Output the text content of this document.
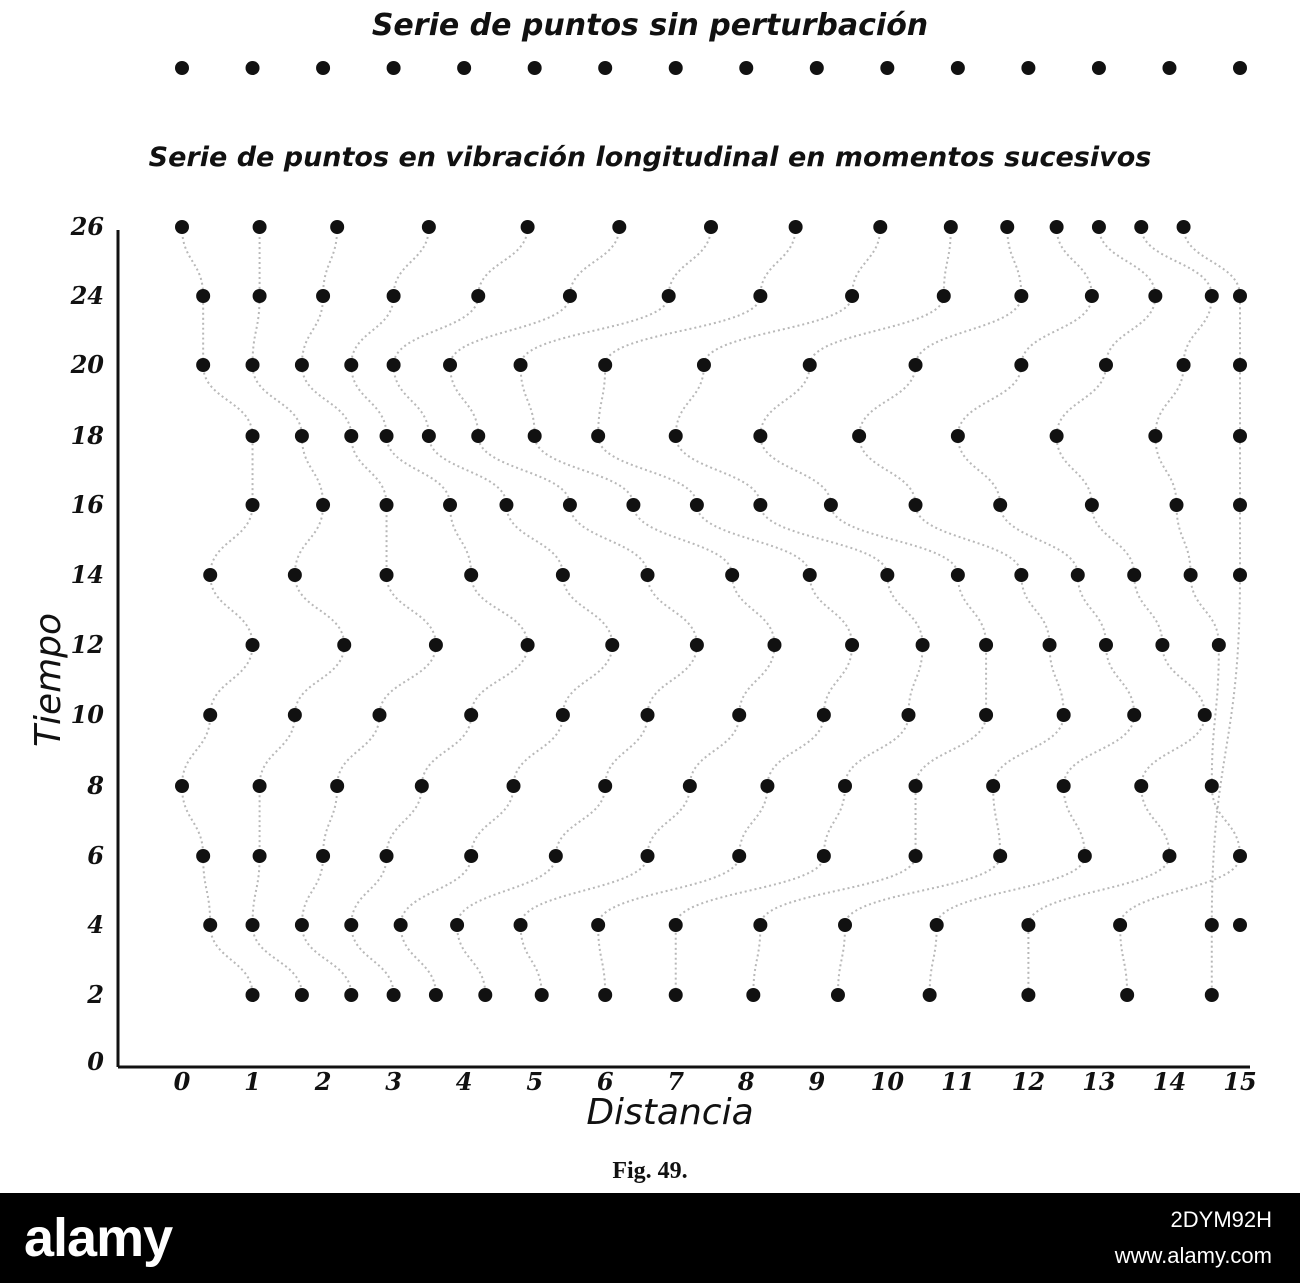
Serie de puntos sin perturbación
Serie de puntos en vibración longitudinal en momentos sucesivos
0
2
4
6
8
10
12
14
16
18
20
24
26
0 1 2 3 4 5 6 7 8 9 10 11 12 13 14 15
Distancia
Tiempo
Fig. 49.
alamy	2DYM92H
www.alamy.com
